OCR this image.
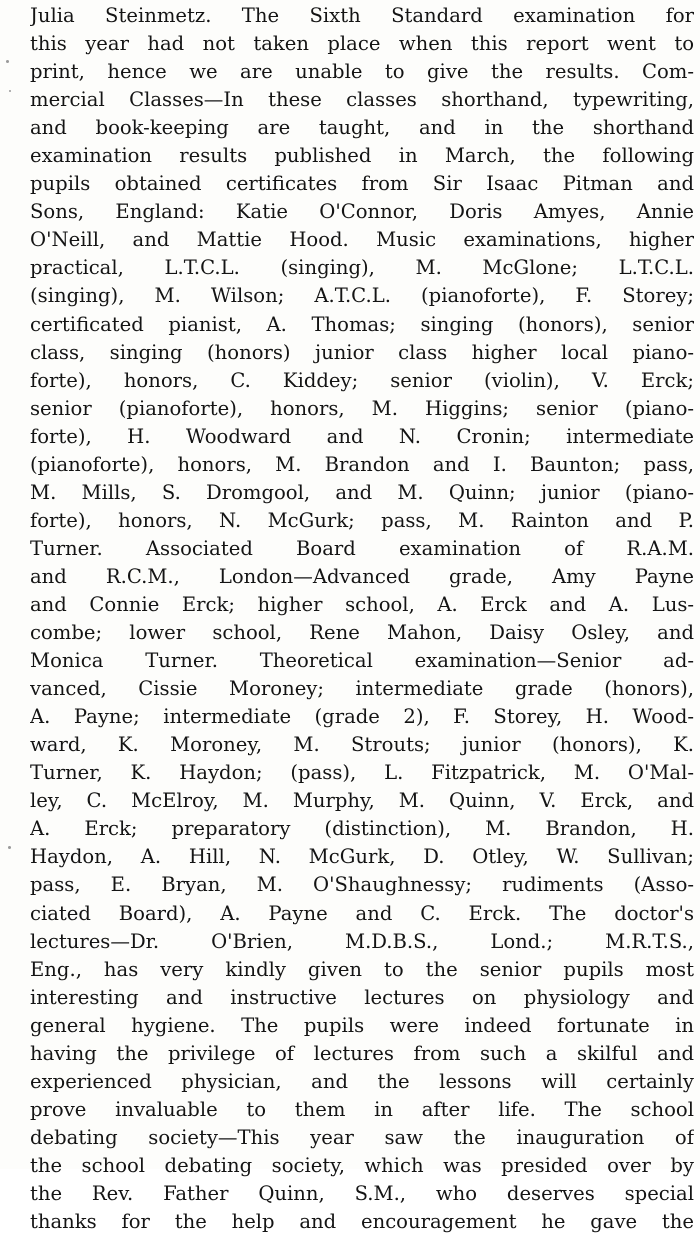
Julia Steinmetz. The Sixth Standard examination for
this year had not taken place when this report went to
print, hence we are unable to give the results. Com-
mercial Classes—In these classes shorthand, typewriting,
and book-keeping are taught, and in the shorthand
examination results published in March, the following
pupils obtained certificates from Sir Isaac Pitman and
Sons, England: Katie O'Connor, Doris Amyes, Annie
O'Neill, and Mattie Hood. Music examinations, higher
practical, L.T.C.L. (singing), M. McGlone; L.T.C.L.
(singing), M. Wilson; A.T.C.L. (pianoforte), F. Storey;
certificated pianist, A. Thomas; singing (honors), senior
class, singing (honors) junior class higher local piano-
forte), honors, C. Kiddey; senior (violin), V. Erck;
senior (pianoforte), honors, M. Higgins; senior (piano-
forte), H. Woodward and N. Cronin; intermediate
(pianoforte), honors, M. Brandon and I. Baunton; pass,
M. Mills, S. Dromgool, and M. Quinn; junior (piano-
forte), honors, N. McGurk; pass, M. Rainton and P.
Turner. Associated Board examination of R.A.M.
and R.C.M., London—Advanced grade, Amy Payne
and Connie Erck; higher school, A. Erck and A. Lus-
combe; lower school, Rene Mahon, Daisy Osley, and
Monica Turner. Theoretical examination—Senior ad-
vanced, Cissie Moroney; intermediate grade (honors),
A. Payne; intermediate (grade 2), F. Storey, H. Wood-
ward, K. Moroney, M. Strouts; junior (honors), K.
Turner, K. Haydon; (pass), L. Fitzpatrick, M. O'Mal-
ley, C. McElroy, M. Murphy, M. Quinn, V. Erck, and
A. Erck; preparatory (distinction), M. Brandon, H.
Haydon, A. Hill, N. McGurk, D. Otley, W. Sullivan;
pass, E. Bryan, M. O'Shaughnessy; rudiments (Asso-
ciated Board), A. Payne and C. Erck. The doctor's
lectures—Dr. O'Brien, M.D.B.S., Lond.; M.R.T.S.,
Eng., has very kindly given to the senior pupils most
interesting and instructive lectures on physiology and
general hygiene. The pupils were indeed fortunate in
having the privilege of lectures from such a skilful and
experienced physician, and the lessons will certainly
prove invaluable to them in after life. The school
debating society—This year saw the inauguration of
the school debating society, which was presided over by
the Rev. Father Quinn, S.M., who deserves special
thanks for the help and encouragement he gave the
